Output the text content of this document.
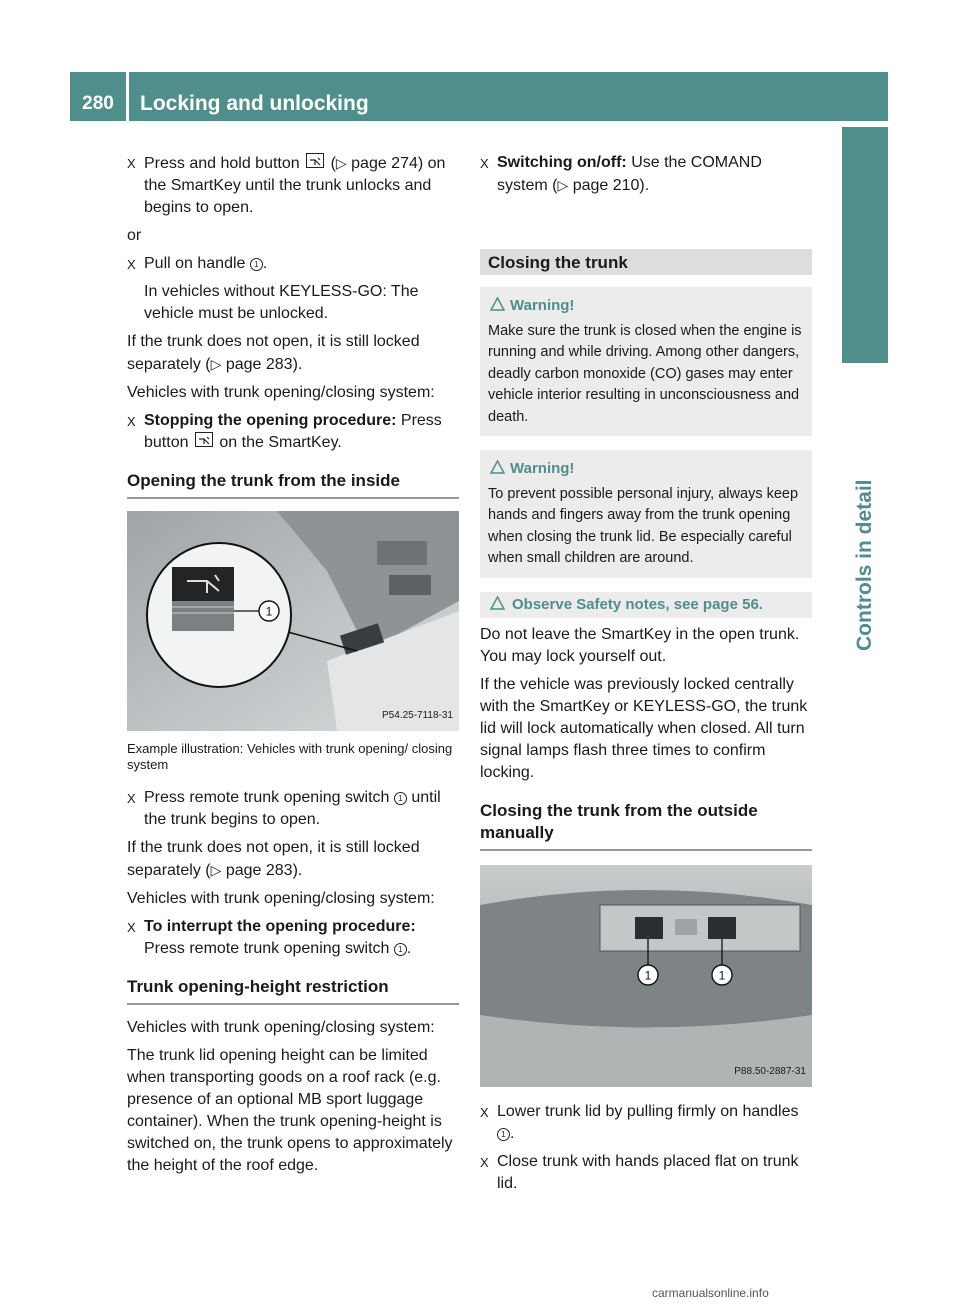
280	Locking and unlocking
Controls in detail
X Press and hold button (▷ page 274) on the SmartKey until the trunk unlocks and begins to open.

or

X Pull on handle 1 .

In vehicles without KEYLESS-GO: The vehicle must be unlocked.

If the trunk does not open, it is still locked separately (▷ page 283).

Vehicles with trunk opening/closing system:

X Stopping the opening procedure: Press button on the SmartKey.
Opening the trunk from the inside
1
P54.25-7118-31
Example illustration: Vehicles with trunk opening/ closing system
X Press remote trunk opening switch 1 until the trunk begins to open.

If the trunk does not open, it is still locked separately (▷ page 283).

Vehicles with trunk opening/closing system:

X To interrupt the opening procedure: Press remote trunk opening switch 1 .
Trunk opening-height restriction

Vehicles with trunk opening/closing system:

The trunk lid opening height can be limited when transporting goods on a roof rack (e.g. presence of an optional MB sport luggage container). When the trunk opening-height is switched on, the trunk opens to approximately the height of the roof edge.

X Switching on/off: Use the COMAND system (▷ page 210).
Closing the trunk
Warning!
Make sure the trunk is closed when the engine is running and while driving. Among other dangers, deadly carbon monoxide (CO) gases may enter vehicle interior resulting in unconsciousness and death.
Warning!
To prevent possible personal injury, always keep hands and fingers away from the trunk opening when closing the trunk lid. Be especially careful when small children are around.
Observe Safety notes, see page 56.

Do not leave the SmartKey in the open trunk. You may lock yourself out.

If the vehicle was previously locked centrally with the SmartKey or KEYLESS-GO, the trunk lid will lock automatically when closed. All turn signal lamps flash three times to confirm locking.

Closing the trunk from the outside manually
1	1
P88.50-2887-31
X Lower trunk lid by pulling firmly on handles 1 .
X Close trunk with hands placed flat on trunk lid.
carmanualsonline.info
